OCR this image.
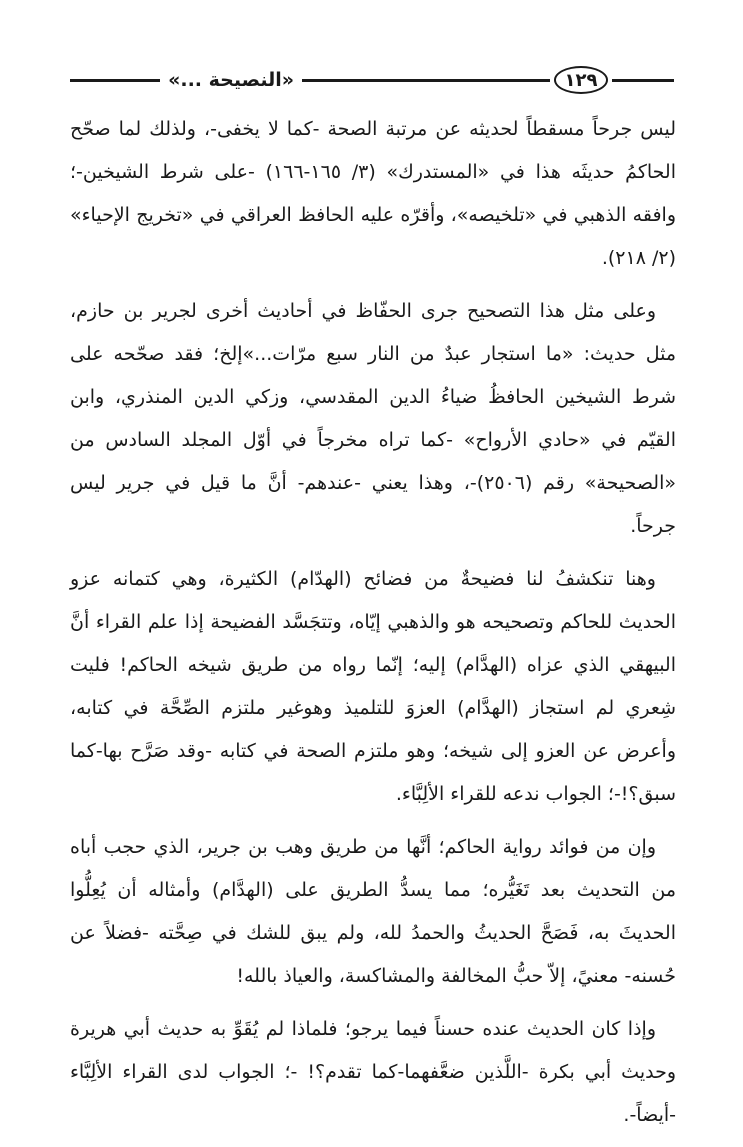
١٢٩
«النصيحة ...»

ليس جرحاً مسقطاً لحديثه عن مرتبة الصحة -كما لا يخفى-، ولذلك لما صحّح الحاكمُ حديثَه هذا في «المستدرك» (٣/ ١٦٥-١٦٦) -على شرط الشيخين-؛ وافقه الذهبي في «تلخيصه»، وأقرّه عليه الحافظ العراقي في «تخريج الإحياء» (٢/ ٢١٨).

وعلى مثل هذا التصحيح جرى الحفّاظ في أحاديث أخرى لجرير بن حازم، مثل حديث: «ما استجار عبدٌ من النار سبع مرّات...»إلخ؛ فقد صحّحه على شرط الشيخين الحافظُ ضياءُ الدين المقدسي، وزكي الدين المنذري، وابن القيّم في «حادي الأرواح» -كما تراه مخرجاً في أوّل المجلد السادس من «الصحيحة» رقم (٢٥٠٦)-، وهذا يعني -عندهم- أنَّ ما قيل في جرير ليس جرحاً.

وهنا تنكشفُ لنا فضيحةٌ من فضائح (الهدّام) الكثيرة، وهي كتمانه عزو الحديث للحاكم وتصحيحه هو والذهبي إيّاه، وتتجَسَّد الفضيحة إذا علم القراء أنَّ البيهقي الذي عزاه (الهدَّام) إليه؛ إنّما رواه من طريق شيخه الحاكم! فليت شِعري لم استجاز (الهدَّام) العزوَ للتلميذ وهوغير ملتزم الصِّحَّة في كتابه، وأعرض عن العزو إلى شيخه؛ وهو ملتزم الصحة في كتابه -وقد صَرَّح بها-كما سبق؟!-؛ الجواب ندعه للقراء الألِبَّاء.

وإن من فوائد رواية الحاكم؛ أنَّها من طريق وهب بن جرير، الذي حجب أباه من التحديث بعد تَغَيُّره؛ مما يسدُّ الطريق على (الهدَّام) وأمثاله أن يُعِلُّوا الحديثَ به، فَصَحَّ الحديثُ والحمدُ لله، ولم يبق للشك في صِحَّته -فضلاً عن حُسنه- معنيً، إلاّ حبُّ المخالفة والمشاكسة، والعياذ بالله!

وإذا كان الحديث عنده حسناً فيما يرجو؛ فلماذا لم يُقَوِّ به حديث أبي هريرة وحديث أبي بكرة -اللَّذين ضعَّفهما-كما تقدم؟! -؛ الجواب لدى القراء الألِبَّاء -أيضاً-.
